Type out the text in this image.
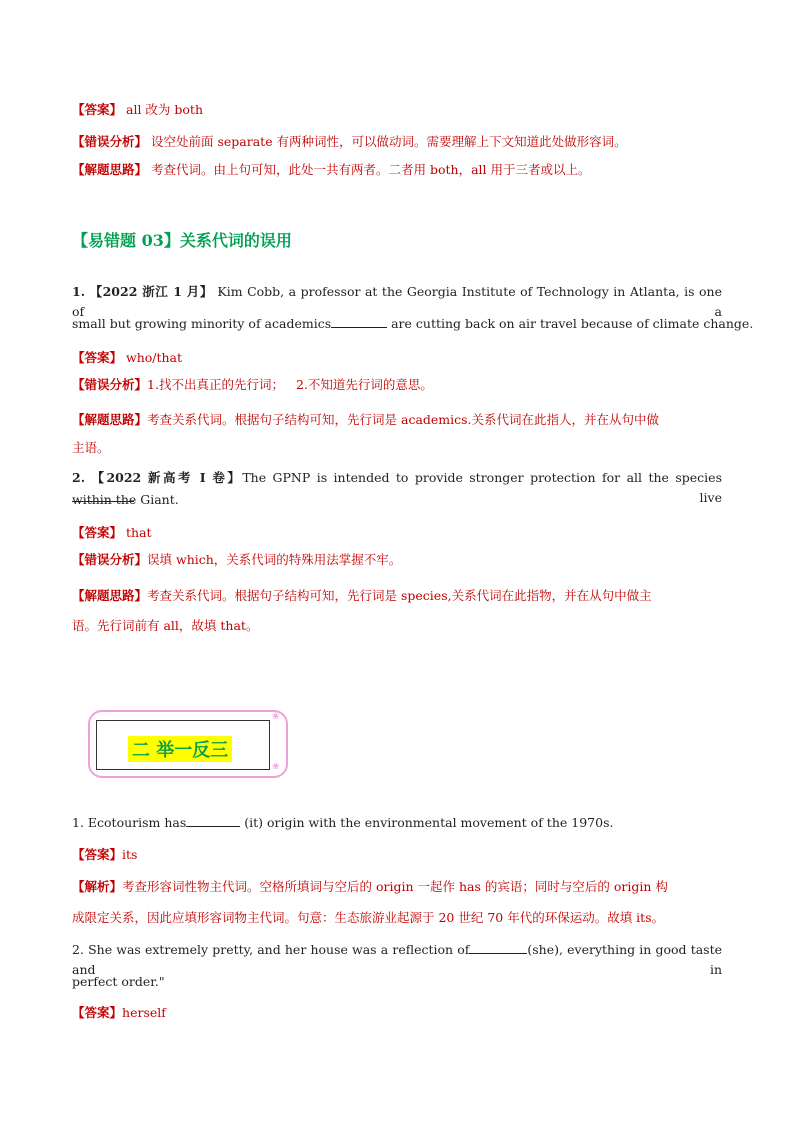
【答案】 all 改为 both
【错误分析】 设空处前面 separate 有两种词性，可以做动词。需要理解上下文知道此处做形容词。
【解题思路】 考查代词。由上句可知，此处一共有两者。二者用 both，all 用于三者或以上。
【易错题 03】关系代词的误用
1. 【2022 浙江 1 月】 Kim Cobb, a professor at the Georgia Institute of Technology in Atlanta, is one of a
small but growing minority of academics	are cutting back on air travel because of climate change.
【答案】 who/that
【错误分析】1.找不出真正的先行词； 2.不知道先行词的意思。
【解题思路】考查关系代词。根据句子结构可知，先行词是 academics.关系代词在此指人，并在从句中做
主语。
2. 【2022 新高考 I 卷】The GPNP is intended to provide stronger protection for all the species  live
within the Giant.
【答案】 that
【错误分析】误填 which，关系代词的特殊用法掌握不牢。
【解题思路】考查关系代词。根据句子结构可知，先行词是 species,关系代词在此指物，并在从句中做主
语。先行词前有 all，故填 that。
❀
❀
二 举一反三
1. Ecotourism has	(it) origin with the environmental movement of the 1970s.
【答案】its
【解析】考查形容词性物主代词。空格所填词与空后的 origin 一起作 has 的宾语；同时与空后的 origin 构
成限定关系，因此应填形容词物主代词。句意：生态旅游业起源于 20 世纪 70 年代的环保运动。故填 its。
2. She was extremely pretty, and her house was a reflection of	(she), everything in good taste and in
perfect order."
【答案】herself
